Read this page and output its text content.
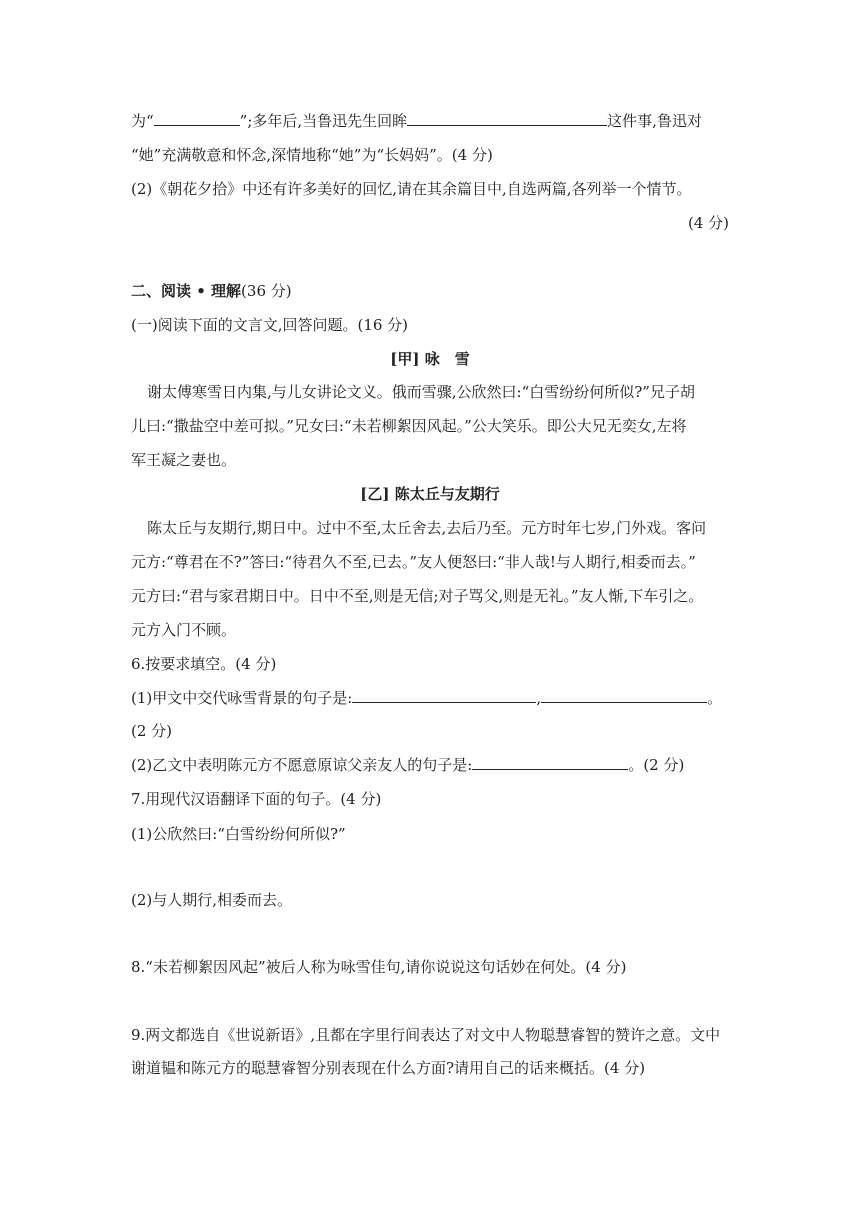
为“	”;多年后,当鲁迅先生回眸	这件事,鲁迅对
“她”充满敬意和怀念,深情地称“她”为“长妈妈”。(4 分)
(2)《朝花夕拾》中还有许多美好的回忆,请在其余篇目中,自选两篇,各列举一个情节。
(4 分)
二、阅读 • 理解(36 分)
(一)阅读下面的文言文,回答问题。(16 分)
[甲] 咏　雪
谢太傅寒雪日内集,与儿女讲论文义。俄而雪骤,公欣然曰:“白雪纷纷何所似?”兄子胡
儿曰:“撒盐空中差可拟。”兄女曰:“未若柳絮因风起。”公大笑乐。即公大兄无奕女,左将
军王凝之妻也。
[乙] 陈太丘与友期行
陈太丘与友期行,期日中。过中不至,太丘舍去,去后乃至。元方时年七岁,门外戏。客问
元方:“尊君在不?”答曰:“待君久不至,已去。”友人便怒曰:“非人哉!与人期行,相委而去。”
元方曰:“君与家君期日中。日中不至,则是无信;对子骂父,则是无礼。”友人惭,下车引之。
元方入门不顾。
6.按要求填空。(4 分)
(1)甲文中交代咏雪背景的句子是:	,	。
(2 分)
(2)乙文中表明陈元方不愿意原谅父亲友人的句子是:	。(2 分)
7.用现代汉语翻译下面的句子。(4 分)
(1)公欣然曰:“白雪纷纷何所似?”
(2)与人期行,相委而去。
8.“未若柳絮因风起”被后人称为咏雪佳句,请你说说这句话妙在何处。(4 分)
9.两文都选自《世说新语》,且都在字里行间表达了对文中人物聪慧睿智的赞许之意。文中
谢道韫和陈元方的聪慧睿智分别表现在什么方面?请用自己的话来概括。(4 分)
